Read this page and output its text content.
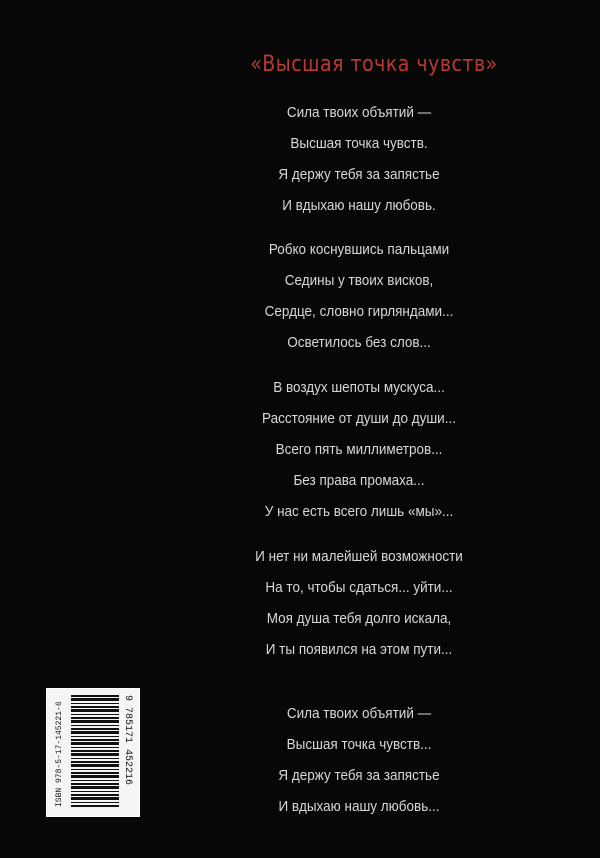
«Высшая точка чувств»
Сила твоих объятий —
Высшая точка чувств.
Я держу тебя за запястье
И вдыхаю нашу любовь.
Робко коснувшись пальцами
Седины у твоих висков,
Сердце, словно гирляндами...
Осветилось без слов...
В воздух шепоты мускуса...
Расстояние от души до души...
Всего пять миллиметров...
Без права промаха...
У нас есть всего лишь «мы»...
И нет ни малейшей возможности
На то, чтобы сдаться... уйти...
Моя душа тебя долго искала,
И ты появился на этом пути...
Сила твоих объятий —
Высшая точка чувств...
Я держу тебя за запястье
И вдыхаю нашу любовь...
ISBN 978-5-17-145221-6	9 785171 452216
